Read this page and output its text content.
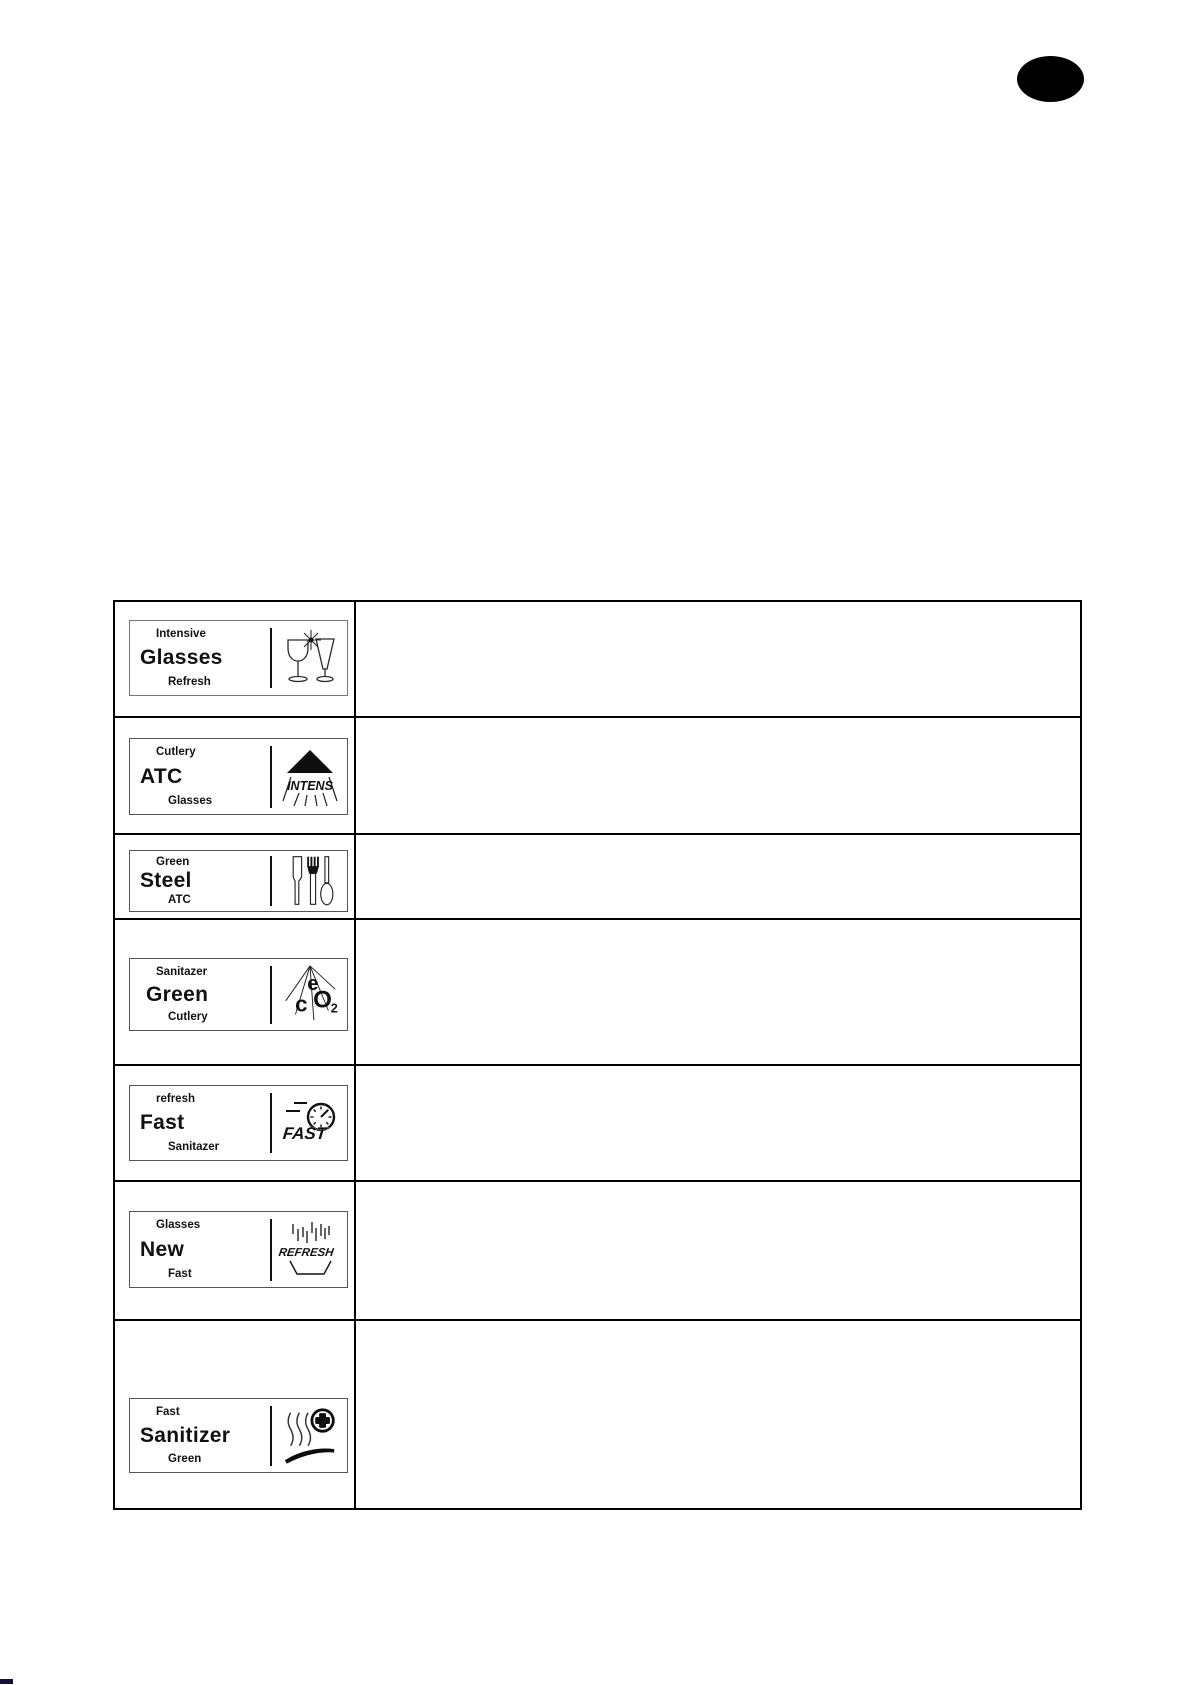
Intensive
Glasses
Refresh
Cutlery
ATC
Glasses
INTENS
Green
Steel
ATC
Sanitazer
Green
Cutlery
e
c O
2
refresh
Fast
Sanitazer
FAST
Glasses
New
Fast
REFRESH
Fast
Sanitizer
Green
